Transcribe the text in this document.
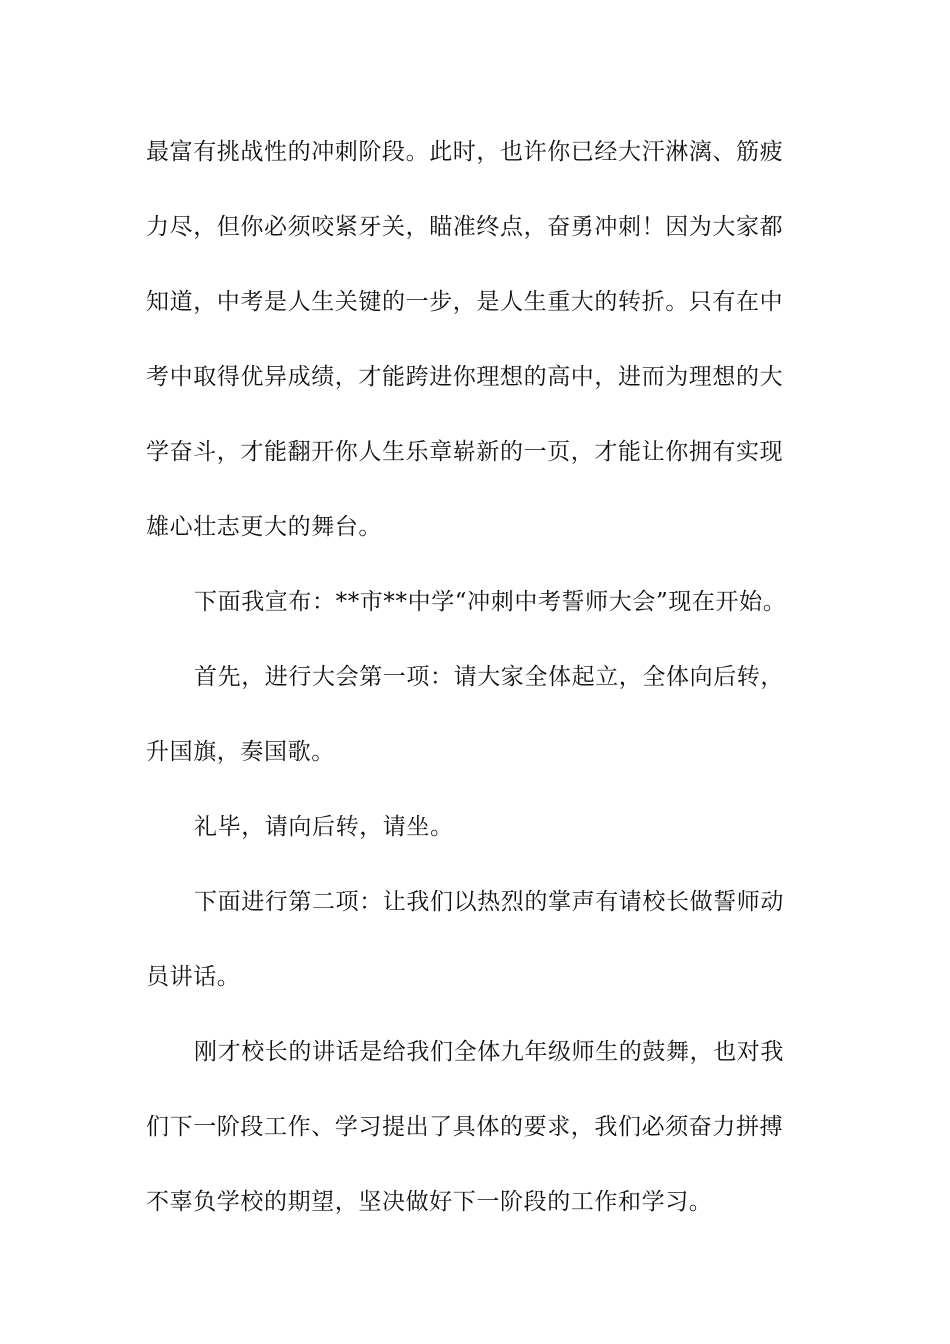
最富有挑战性的冲刺阶段。此时，也许你已经大汗淋漓、筋疲

力尽，但你必须咬紧牙关，瞄准终点，奋勇冲刺！因为大家都

知道，中考是人生关键的一步，是人生重大的转折。只有在中

考中取得优异成绩，才能跨进你理想的高中，进而为理想的大

学奋斗，才能翻开你人生乐章崭新的一页，才能让你拥有实现

雄心壮志更大的舞台。

下面我宣布：**市**中学“冲刺中考誓师大会”现在开始。

首先，进行大会第一项：请大家全体起立，全体向后转，

升国旗，奏国歌。

礼毕，请向后转，请坐。

下面进行第二项：让我们以热烈的掌声有请校长做誓师动

员讲话。

刚才校长的讲话是给我们全体九年级师生的鼓舞，也对我

们下一阶段工作、学习提出了具体的要求，我们必须奋力拼搏

不辜负学校的期望，坚决做好下一阶段的工作和学习。
